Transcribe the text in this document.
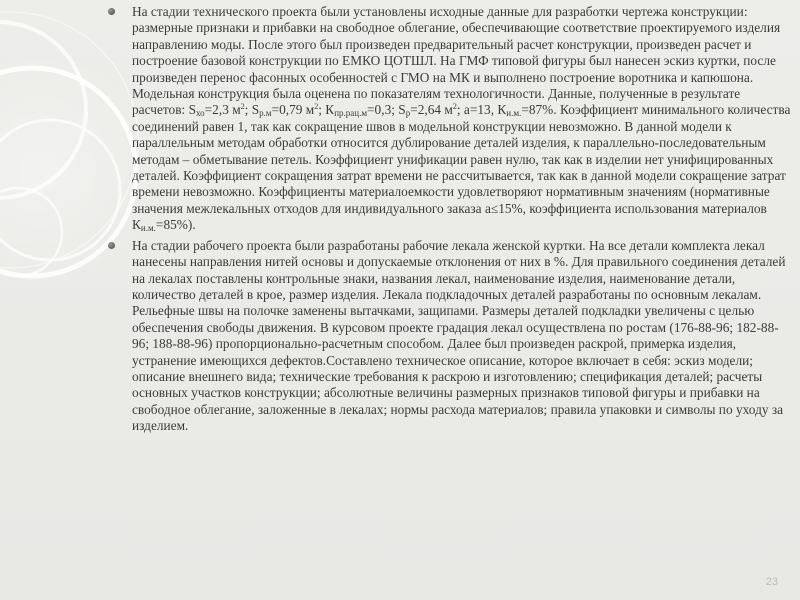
На стадии технического проекта были установлены исходные данные для разработки чертежа конструкции: размерные признаки и прибавки на свободное облегание, обеспечивающие соответствие проектируемого изделия направлению моды. После этого был произведен предварительный расчет конструкции, произведен расчет и построение базовой конструкции по ЕМКО ЦОТШЛ. На ГМФ типовой фигуры был нанесен эскиз куртки, после произведен перенос фасонных особенностей с ГМО на МК и выполнено построение воротника и капюшона. Модельная конструкция была оценена по показателям технологичности. Данные, полученные в результате расчетов: $S_{хо}=2,3$ $м^2$; $S_{р.м}=0,79$ $м^2$; $К_{пр.рац.м}=0,3$; $S_р=2,64$ $м^2$; а=13, $К_{и.м.}=87\%$. Коэффициент минимального количества соединений равен 1, так как сокращение швов в модельной конструкции невозможно. В данной модели к параллельным методам обработки относится дублирование деталей изделия, к параллельно-последовательным методам – обметывание петель. Коэффициент унификации равен нулю, так как в изделии нет унифицированных деталей. Коэффициент сокращения затрат времени не рассчитывается, так как в данной модели сокращение затрат времени невозможно. Коэффициенты материалоемкости удовлетворяют нормативным значениям (нормативные значения межлекальных отходов для индивидуального заказа a≤15%, коэффициента использования материалов $К_{и.м.}=85\%$).

На стадии рабочего проекта были разработаны рабочие лекала женской куртки. На все детали комплекта лекал нанесены направления нитей основы и допускаемые отклонения от них в %. Для правильного соединения деталей на лекалах поставлены контрольные знаки, названия лекал, наименование изделия, наименование детали, количество деталей в крое, размер изделия. Лекала подкладочных деталей разработаны по основным лекалам. Рельефные швы на полочке заменены вытачками, защипами. Размеры деталей подкладки увеличены с целью обеспечения свободы движения. В курсовом проекте градация лекал осуществлена по ростам (176-88-96; 182-88-96; 188-88-96) пропорционально-расчетным способом. Далее был произведен раскрой, примерка изделия, устранение имеющихся дефектов.Составлено техническое описание, которое включает в себя: эскиз модели; описание внешнего вида; технические требования к раскрою и изготовлению; спецификация деталей; расчеты основных участков конструкции; абсолютные величины размерных признаков типовой фигуры и прибавки на свободное облегание, заложенные в лекалах; нормы расхода материалов; правила упаковки и символы по уходу за изделием.

23
